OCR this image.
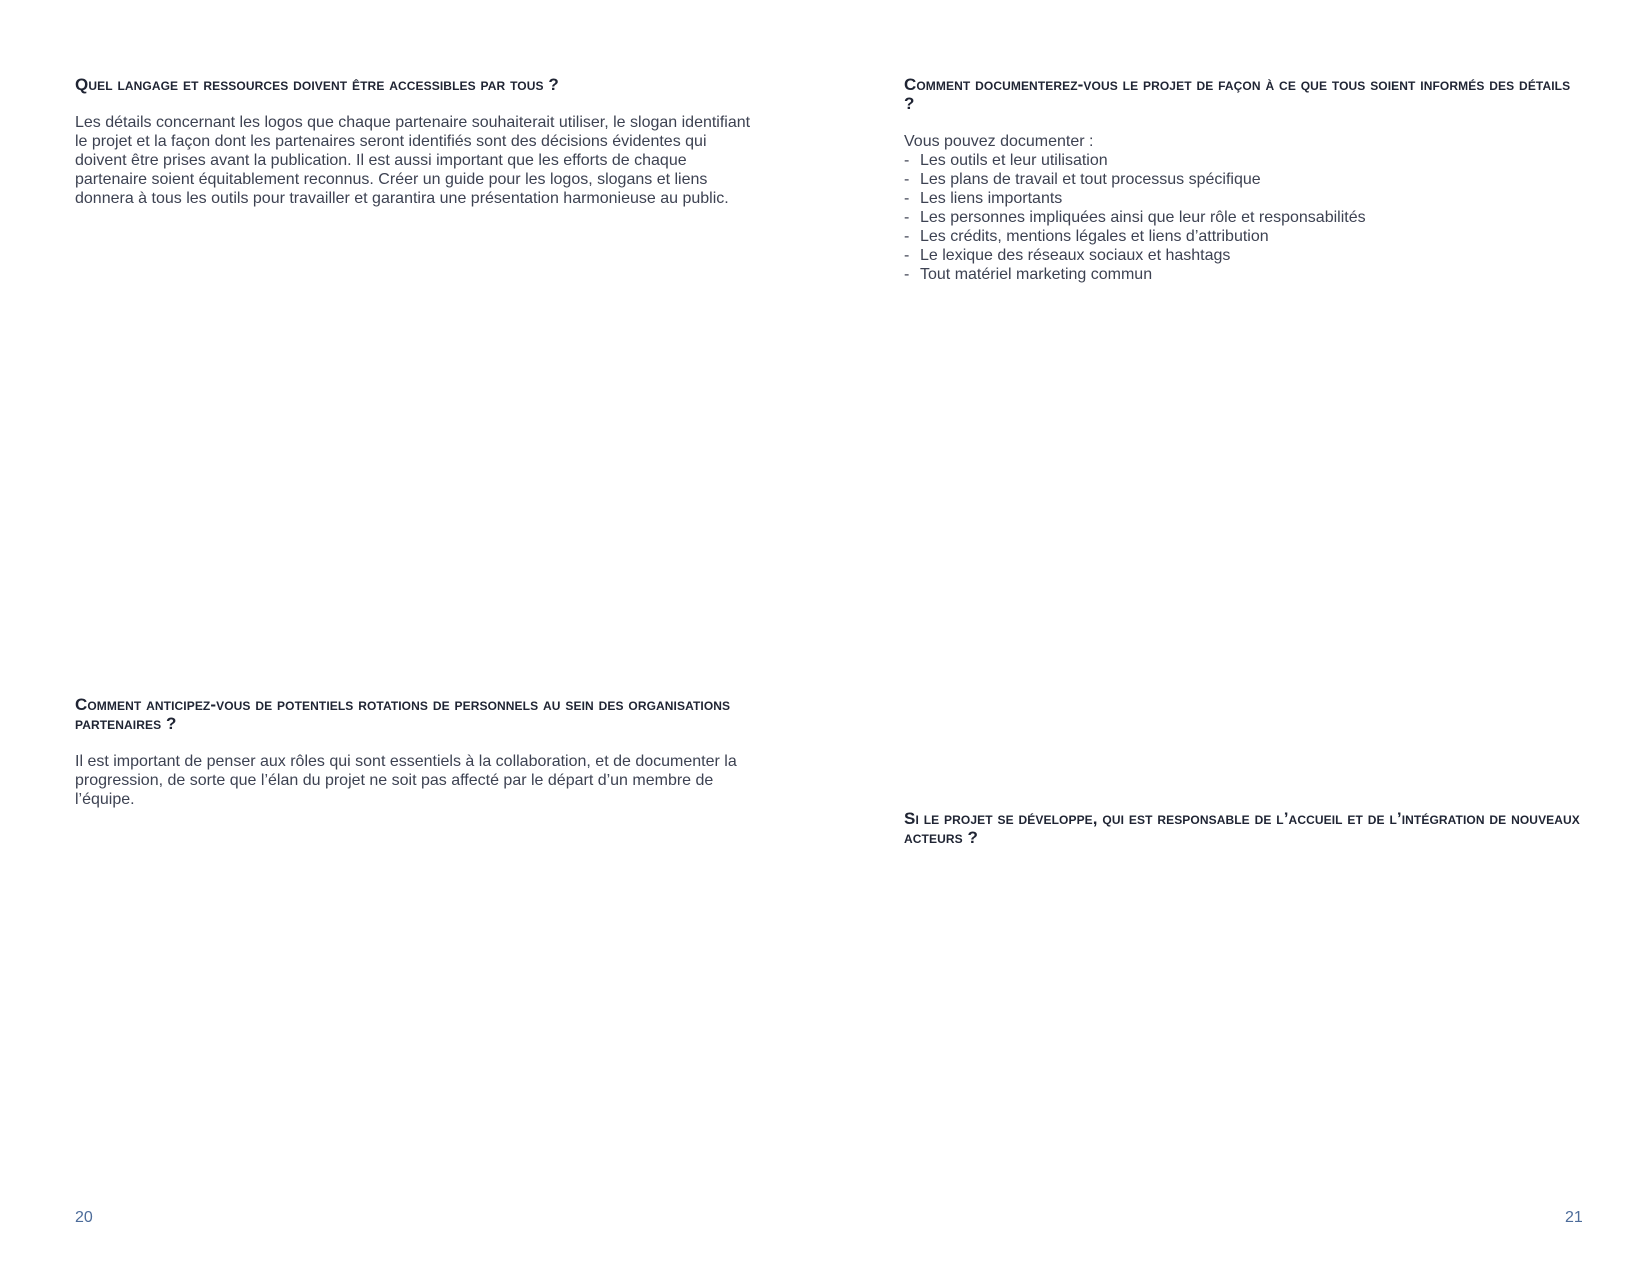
Quel langage et ressources doivent être accessibles par tous ?

Les détails concernant les logos que chaque partenaire souhaiterait utiliser, le slogan identifiant le projet et la façon dont les partenaires seront identifiés sont des décisions évidentes qui doivent être prises avant la publication. Il est aussi important que les efforts de chaque partenaire soient équitablement reconnus. Créer un guide pour les logos, slogans et liens donnera à tous les outils pour travailler et garantira une présentation harmonieuse au public.

Comment documenterez-vous le projet de façon à ce que tous soient informés des détails ?

Vous pouvez documenter :

- Les outils et leur utilisation
- Les plans de travail et tout processus spécifique
- Les liens importants
- Les personnes impliquées ainsi que leur rôle et responsabilités
- Les crédits, mentions légales et liens d’attribution
- Le lexique des réseaux sociaux et hashtags
- Tout matériel marketing commun
Comment anticipez-vous de potentiels rotations de personnels au sein des organisations partenaires ?

Il est important de penser aux rôles qui sont essentiels à la collaboration, et de documenter la progression, de sorte que l’élan du projet ne soit pas affecté par le départ d’un membre de l’équipe.

Si le projet se développe, qui est responsable de l’accueil et de l’intégration de nouveaux acteurs ?
20	21
